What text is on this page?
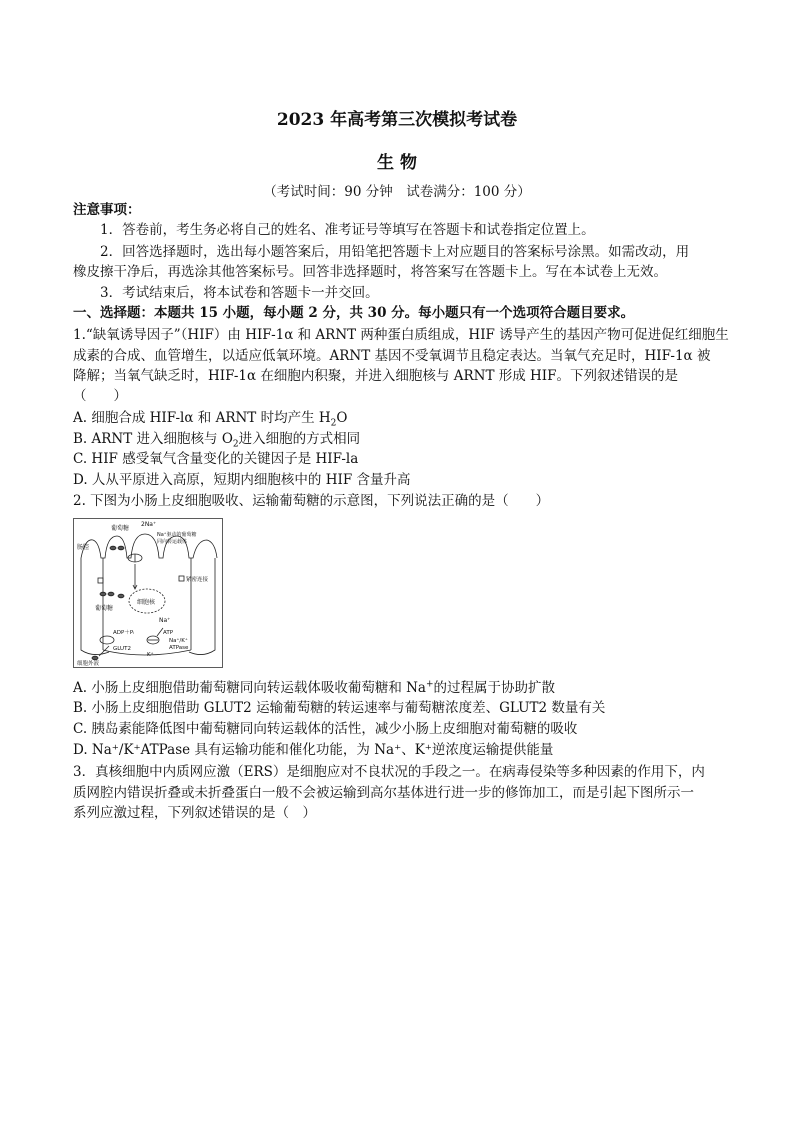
2023 年高考第三次模拟考试卷
生 物
（考试时间：90 分钟　试卷满分：100 分）
注意事项：
1．答卷前，考生务必将自己的姓名、准考证号等填写在答题卡和试卷指定位置上。
2．回答选择题时，选出每小题答案后，用铅笔把答题卡上对应题目的答案标号涂黑。如需改动，用
橡皮擦干净后，再选涂其他答案标号。回答非选择题时，将答案写在答题卡上。写在本试卷上无效。
3．考试结束后，将本试卷和答题卡一并交回。
一、选择题：本题共 15 小题，每小题 2 分，共 30 分。每小题只有一个选项符合题目要求。
1.“缺氧诱导因子”（HIF）由 HIF-1α 和 ARNT 两种蛋白质组成，HIF 诱导产生的基因产物可促进促红细胞生
成素的合成、血管增生，以适应低氧环境。ARNT 基因不受氧调节且稳定表达。当氧气充足时，HIF-1α 被
降解；当氧气缺乏时，HIF-1α 在细胞内积聚，并进入细胞核与 ARNT 形成 HIF。下列叙述错误的是
（　　）
A. 细胞合成 HIF-lα 和 ARNT 时均产生 $H_2O$
B. ARNT 进入细胞核与 $O_2$进入细胞的方式相同
C. HIF 感受氧气含量变化的关键因子是 HIF-la
D. 人从平原进入高原，短期内细胞核中的 HIF 含量升高
2. 下图为小肠上皮细胞吸收、运输葡萄糖的示意图，下列说法正确的是（　　）
2Na⁺
葡萄糖
肠腔
Na⁺驱动的葡萄糖
同向转运载体
紧密连接
葡萄糖
细胞核
Na⁺
ADP＋Pᵢ	ATP
Na⁺/K⁺
ATPase
GLUT2
K⁺
细胞外液
A. 小肠上皮细胞借助葡萄糖同向转运载体吸收葡萄糖和 Na+的过程属于协助扩散
B. 小肠上皮细胞借助 GLUT2 运输葡萄糖的转运速率与葡萄糖浓度差、GLUT2 数量有关
C. 胰岛素能降低图中葡萄糖同向转运载体的活性，减少小肠上皮细胞对葡萄糖的吸收
D. Na⁺/K⁺ATPase 具有运输功能和催化功能，为 Na⁺、K⁺逆浓度运输提供能量
3．真核细胞中内质网应激（ERS）是细胞应对不良状况的手段之一。在病毒侵染等多种因素的作用下，内
质网腔内错误折叠或未折叠蛋白一般不会被运输到高尔基体进行进一步的修饰加工，而是引起下图所示一
系列应激过程，下列叙述错误的是（　）
